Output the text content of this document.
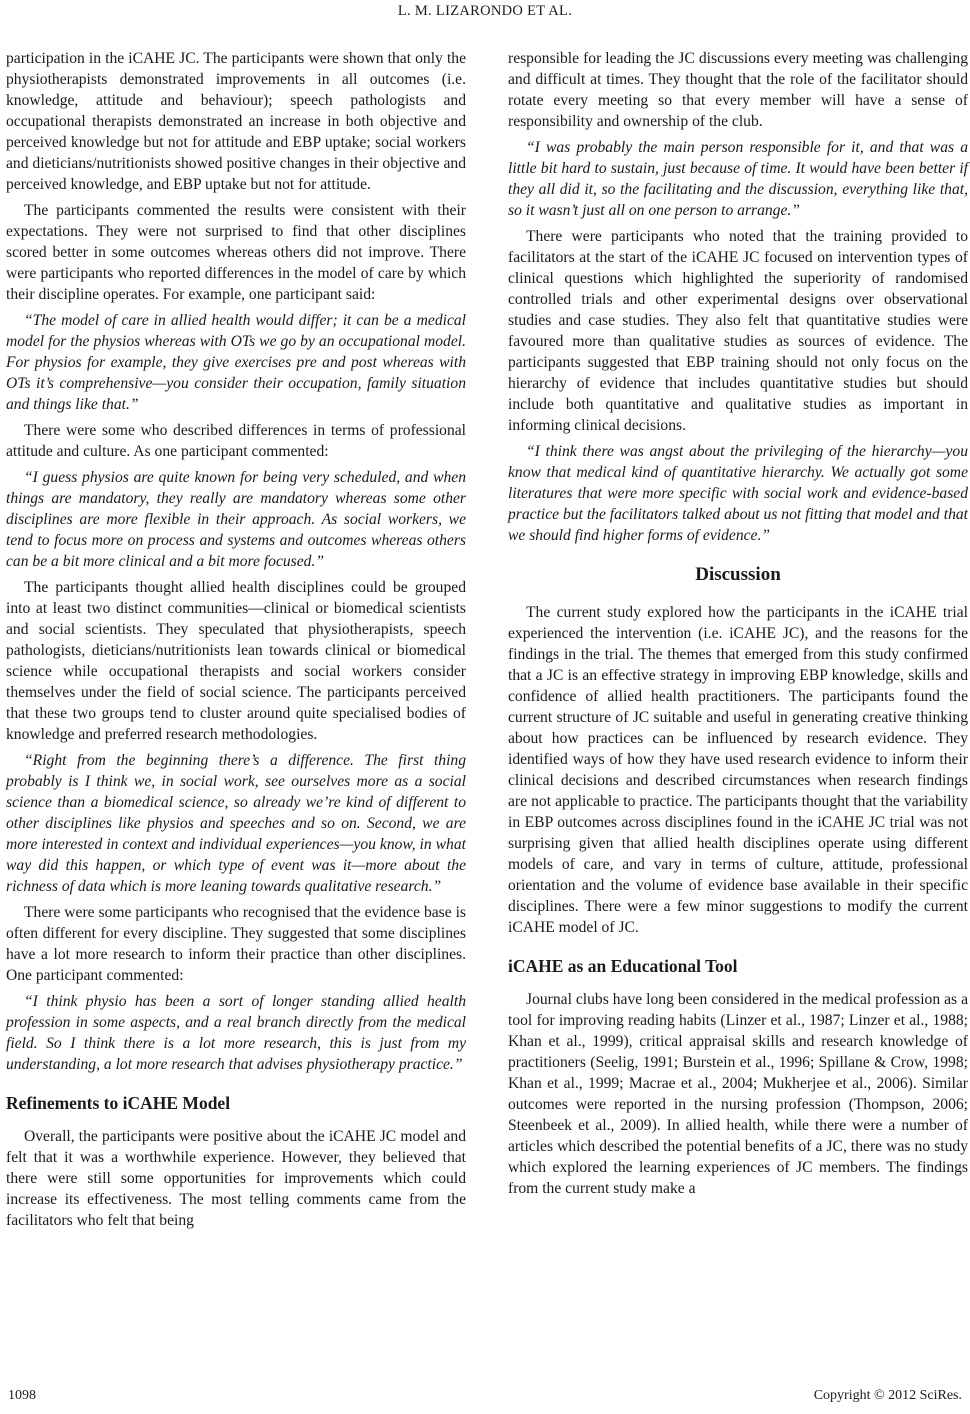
L. M. LIZARONDO ET AL.

participation in the iCAHE JC. The participants were shown that only the physiotherapists demonstrated improvements in all outcomes (i.e. knowledge, attitude and behaviour); speech pathologists and occupational therapists demonstrated an increase in both objective and perceived knowledge but not for attitude and EBP uptake; social workers and dieticians/nutritionists showed positive changes in their objective and perceived knowledge, and EBP uptake but not for attitude.

The participants commented the results were consistent with their expectations. They were not surprised to find that other disciplines scored better in some outcomes whereas others did not improve. There were participants who reported differences in the model of care by which their discipline operates. For example, one participant said:

“The model of care in allied health would differ; it can be a medical model for the physios whereas with OTs we go by an occupational model. For physios for example, they give exercises pre and post whereas with OTs it’s comprehensive—you consider their occupation, family situation and things like that.”

There were some who described differences in terms of professional attitude and culture. As one participant commented:

“I guess physios are quite known for being very scheduled, and when things are mandatory, they really are mandatory whereas some other disciplines are more flexible in their approach. As social workers, we tend to focus more on process and systems and outcomes whereas others can be a bit more clinical and a bit more focused.”

The participants thought allied health disciplines could be grouped into at least two distinct communities—clinical or biomedical scientists and social scientists. They speculated that physiotherapists, speech pathologists, dieticians/nutritionists lean towards clinical or biomedical science while occupational therapists and social workers consider themselves under the field of social science. The participants perceived that these two groups tend to cluster around quite specialised bodies of knowledge and preferred research methodologies.

“Right from the beginning there’s a difference. The first thing probably is I think we, in social work, see ourselves more as a social science than a biomedical science, so already we’re kind of different to other disciplines like physios and speeches and so on. Second, we are more interested in context and individual experiences—you know, in what way did this happen, or which type of event was it—more about the richness of data which is more leaning towards qualitative research.”

There were some participants who recognised that the evidence base is often different for every discipline. They suggested that some disciplines have a lot more research to inform their practice than other disciplines. One participant commented:

“I think physio has been a sort of longer standing allied health profession in some aspects, and a real branch directly from the medical field. So I think there is a lot more research, this is just from my understanding, a lot more research that advises physiotherapy practice.”

Refinements to iCAHE Model

Overall, the participants were positive about the iCAHE JC model and felt that it was a worthwhile experience. However, they believed that there were still some opportunities for improvements which could increase its effectiveness. The most telling comments came from the facilitators who felt that being

responsible for leading the JC discussions every meeting was challenging and difficult at times. They thought that the role of the facilitator should rotate every meeting so that every member will have a sense of responsibility and ownership of the club.

“I was probably the main person responsible for it, and that was a little bit hard to sustain, just because of time. It would have been better if they all did it, so the facilitating and the discussion, everything like that, so it wasn’t just all on one person to arrange.”

There were participants who noted that the training provided to facilitators at the start of the iCAHE JC focused on intervention types of clinical questions which highlighted the superiority of randomised controlled trials and other experimental designs over observational studies and case studies. They also felt that quantitative studies were favoured more than qualitative studies as sources of evidence. The participants suggested that EBP training should not only focus on the hierarchy of evidence that includes quantitative studies but should include both quantitative and qualitative studies as important in informing clinical decisions.

“I think there was angst about the privileging of the hierarchy—you know that medical kind of quantitative hierarchy. We actually got some literatures that were more specific with social work and evidence-based practice but the facilitators talked about us not fitting that model and that we should find higher forms of evidence.”

Discussion

The current study explored how the participants in the iCAHE trial experienced the intervention (i.e. iCAHE JC), and the reasons for the findings in the trial. The themes that emerged from this study confirmed that a JC is an effective strategy in improving EBP knowledge, skills and confidence of allied health practitioners. The participants found the current structure of JC suitable and useful in generating creative thinking about how practices can be influenced by research evidence. They identified ways of how they have used research evidence to inform their clinical decisions and described circumstances when research findings are not applicable to practice. The participants thought that the variability in EBP outcomes across disciplines found in the iCAHE JC trial was not surprising given that allied health disciplines operate using different models of care, and vary in terms of culture, attitude, professional orientation and the volume of evidence base available in their specific disciplines. There were a few minor suggestions to modify the current iCAHE model of JC.

iCAHE as an Educational Tool

Journal clubs have long been considered in the medical profession as a tool for improving reading habits (Linzer et al., 1987; Linzer et al., 1988; Khan et al., 1999), critical appraisal skills and research knowledge of practitioners (Seelig, 1991; Burstein et al., 1996; Spillane & Crow, 1998; Khan et al., 1999; Macrae et al., 2004; Mukherjee et al., 2006). Similar outcomes were reported in the nursing profession (Thompson, 2006; Steenbeek et al., 2009). In allied health, while there were a number of articles which described the potential benefits of a JC, there was no study which explored the learning experiences of JC members. The findings from the current study make a

1098	Copyright © 2012 SciRes.
